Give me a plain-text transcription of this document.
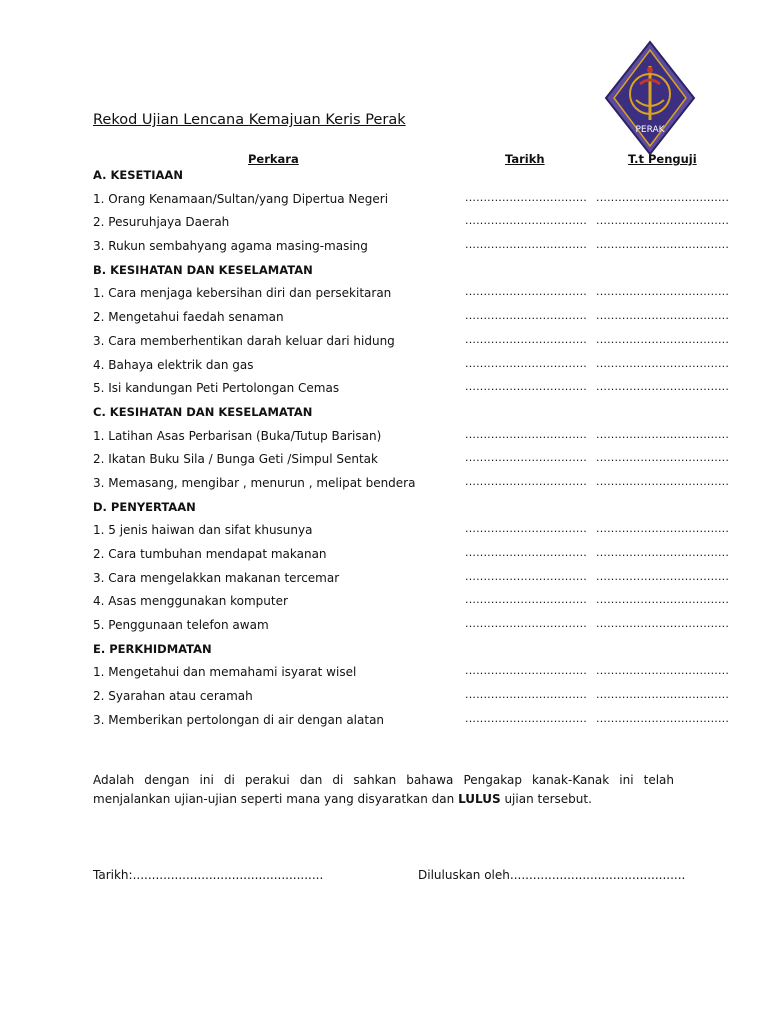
PERAK
Rekod Ujian Lencana Kemajuan Keris Perak
Perkara	Tarikh	T.t Penguji
A. KESETIAAN
1. Orang Kenamaan/Sultan/yang Dipertua Negeri	................................. ....................................
2. Pesuruhjaya Daerah	................................. ....................................
3. Rukun sembahyang agama masing-masing	................................. ....................................
B. KESIHATAN DAN KESELAMATAN
1. Cara menjaga kebersihan diri dan persekitaran	................................. ....................................
2. Mengetahui faedah senaman	................................. ....................................
3. Cara memberhentikan darah keluar dari hidung	................................. ....................................
4. Bahaya elektrik dan gas	................................. ....................................
5. Isi kandungan Peti Pertolongan Cemas	................................. ....................................
C. KESIHATAN DAN KESELAMATAN
1. Latihan Asas Perbarisan (Buka/Tutup Barisan)	................................. ....................................
2. Ikatan Buku Sila / Bunga Geti /Simpul Sentak	................................. ....................................
3. Memasang, mengibar , menurun , melipat bendera	................................. ....................................
D. PENYERTAAN
1. 5 jenis haiwan dan sifat khusunya	................................. ....................................
2. Cara tumbuhan mendapat makanan	................................. ....................................
3. Cara mengelakkan makanan tercemar	................................. ....................................
4. Asas menggunakan komputer	................................. ....................................
5. Penggunaan telefon awam	................................. ....................................
E. PERKHIDMATAN
1. Mengetahui dan memahami isyarat wisel	................................. ....................................
2. Syarahan atau ceramah	................................. ....................................
3. Memberikan pertolongan di air dengan alatan	................................. ....................................
Adalah dengan ini di perakui dan di sahkan bahawa Pengakap kanak-Kanak ini telah
menjalankan ujian-ujian seperti mana yang disyaratkan dan LULUS ujian tersebut.
Tarikh:..................................................	Diluluskan oleh..............................................
